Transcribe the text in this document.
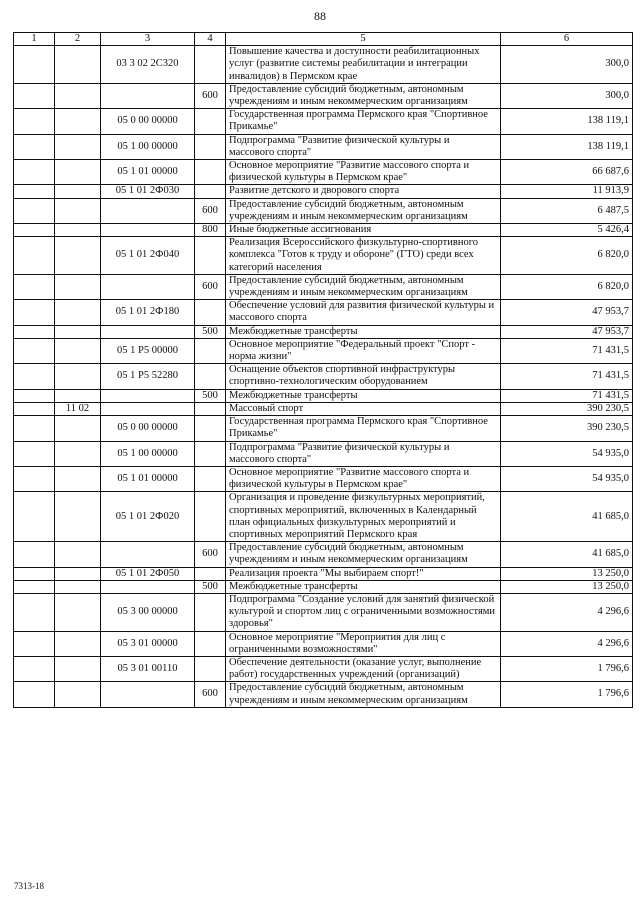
88
1	2	3	4	5	6
		03 3 02 2С320		Повышение качества и доступности реабилитационных услуг (развитие системы реабилитации и интеграции инвалидов) в Пермском крае	300,0
			600	Предоставление субсидий бюджетным, автономным учреждениям и иным некоммерческим организациям	300,0
		05 0 00 00000		Государственная программа Пермского края "Спортивное Прикамье"	138 119,1
		05 1 00 00000		Подпрограмма "Развитие физической культуры и массового спорта"	138 119,1
		05 1 01 00000		Основное мероприятие "Развитие массового спорта и физической культуры в Пермском крае"	66 687,6
		05 1 01 2Ф030		Развитие детского и дворового спорта	11 913,9
			600	Предоставление субсидий бюджетным, автономным учреждениям и иным некоммерческим организациям	6 487,5
			800	Иные бюджетные ассигнования	5 426,4
		05 1 01 2Ф040		Реализация Всероссийского физкультурно-спортивного комплекса "Готов к труду и обороне" (ГТО) среди всех категорий населения	6 820,0
			600	Предоставление субсидий бюджетным, автономным учреждениям и иным некоммерческим организациям	6 820,0
		05 1 01 2Ф180		Обеспечение условий для развития физической культуры и массового спорта	47 953,7
			500	Межбюджетные трансферты	47 953,7
		05 1 P5 00000		Основное мероприятие "Федеральный проект "Спорт - норма жизни"	71 431,5
		05 1 P5 52280		Оснащение объектов спортивной инфраструктуры спортивно-технологическим оборудованием	71 431,5
			500	Межбюджетные трансферты	71 431,5
	11 02			Массовый спорт	390 230,5
		05 0 00 00000		Государственная программа Пермского края "Спортивное Прикамье"	390 230,5
		05 1 00 00000		Подпрограмма "Развитие физической культуры и массового спорта"	54 935,0
		05 1 01 00000		Основное мероприятие "Развитие массового спорта и физической культуры в Пермском крае"	54 935,0
		05 1 01 2Ф020		Организация и проведение физкультурных мероприятий, спортивных мероприятий, включенных в Календарный план официальных физкультурных мероприятий и спортивных мероприятий Пермского края	41 685,0
			600	Предоставление субсидий бюджетным, автономным учреждениям и иным некоммерческим организациям	41 685,0
		05 1 01 2Ф050		Реализация проекта "Мы выбираем спорт!"	13 250,0
			500	Межбюджетные трансферты	13 250,0
		05 3 00 00000		Подпрограмма "Создание условий для занятий физической культурой и спортом лиц с ограниченными возможностями здоровья"	4 296,6
		05 3 01 00000		Основное мероприятие "Мероприятия для лиц с ограниченными возможностями"	4 296,6
		05 3 01 00110		Обеспечение деятельности (оказание услуг, выполнение работ) государственных учреждений (организаций)	1 796,6
			600	Предоставление субсидий бюджетным, автономным учреждениям и иным некоммерческим организациям	1 796,6
7313-18
